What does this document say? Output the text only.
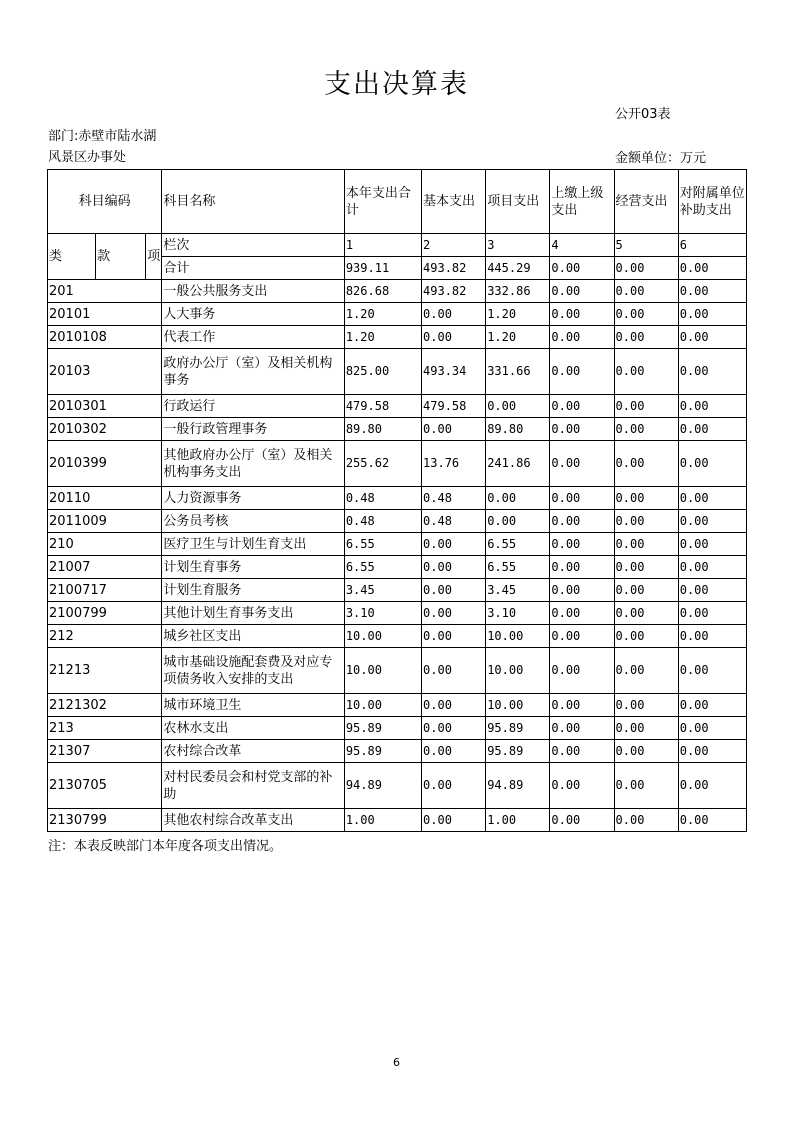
支出决算表
公开03表
部门:赤壁市陆水湖风景区办事处	金额单位：万元
科目编码			科目名称	本年支出合计	基本支出	项目支出	上缴上级支出	经营支出	对附属单位补助支出
类	款	项	栏次	1	2	3	4	5	6
			合计	939.11	493.82	445.29	0.00	0.00	0.00
201			一般公共服务支出	826.68	493.82	332.86	0.00	0.00	0.00
20101			人大事务	1.20	0.00	1.20	0.00	0.00	0.00
2010108			代表工作	1.20	0.00	1.20	0.00	0.00	0.00
20103			政府办公厅（室）及相关机构事务	825.00	493.34	331.66	0.00	0.00	0.00
2010301			行政运行	479.58	479.58	0.00	0.00	0.00	0.00
2010302			一般行政管理事务	89.80	0.00	89.80	0.00	0.00	0.00
2010399			其他政府办公厅（室）及相关机构事务支出	255.62	13.76	241.86	0.00	0.00	0.00
20110			人力资源事务	0.48	0.48	0.00	0.00	0.00	0.00
2011009			公务员考核	0.48	0.48	0.00	0.00	0.00	0.00
210			医疗卫生与计划生育支出	6.55	0.00	6.55	0.00	0.00	0.00
21007			计划生育事务	6.55	0.00	6.55	0.00	0.00	0.00
2100717			计划生育服务	3.45	0.00	3.45	0.00	0.00	0.00
2100799			其他计划生育事务支出	3.10	0.00	3.10	0.00	0.00	0.00
212			城乡社区支出	10.00	0.00	10.00	0.00	0.00	0.00
21213			城市基础设施配套费及对应专项债务收入安排的支出	10.00	0.00	10.00	0.00	0.00	0.00
2121302			城市环境卫生	10.00	0.00	10.00	0.00	0.00	0.00
213			农林水支出	95.89	0.00	95.89	0.00	0.00	0.00
21307			农村综合改革	95.89	0.00	95.89	0.00	0.00	0.00
2130705			对村民委员会和村党支部的补助	94.89	0.00	94.89	0.00	0.00	0.00
2130799			其他农村综合改革支出	1.00	0.00	1.00	0.00	0.00	0.00
注：本表反映部门本年度各项支出情况。
6
